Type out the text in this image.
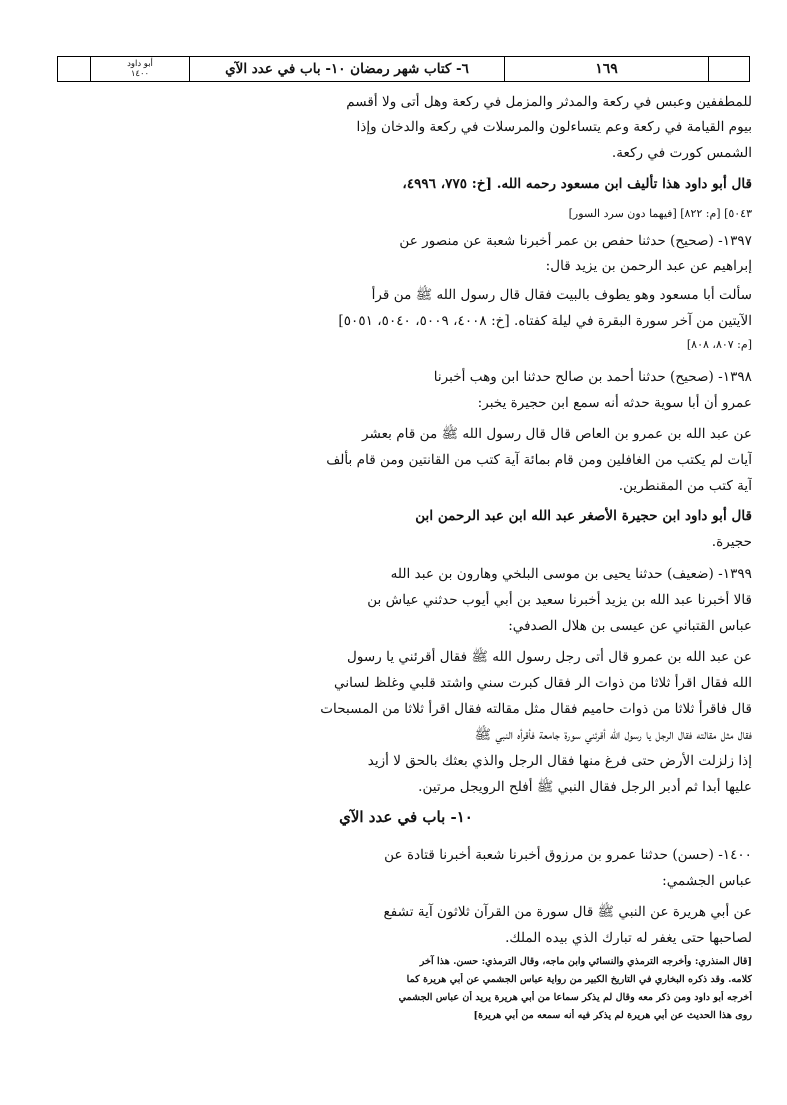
أبو داود
١٤٠٠	٦- كتاب شهر رمضان ١٠- باب في عدد الآي	١٦٩
للمطففين وعبس في ركعة والمدثر والمزمل في ركعة وهل أتى ولا أقسم
بيوم القيامة في ركعة وعم يتساءلون والمرسلات في ركعة والدخان وإذا
الشمس كورت في ركعة.
قال أبو داود هذا تأليف ابن مسعود رحمه الله. [خ: ٧٧٥، ٤٩٩٦،
٥٠٤٣] [م: ٨٢٢] [فيهما دون سرد السور]
١٣٩٧- (صحيح) حدثنا حفص بن عمر أخبرنا شعبة عن منصور عن
إبراهيم عن عبد الرحمن بن يزيد قال:
سألت أبا مسعود وهو يطوف بالبيت فقال قال رسول الله ﷺ من قرأ
الآيتين من آخر سورة البقرة في ليلة كفتاه. [خ: ٤٠٠٨، ٥٠٠٩، ٥٠٤٠، ٥٠٥١]
[م: ٨٠٧، ٨٠٨]
١٣٩٨- (صحيح) حدثنا أحمد بن صالح حدثنا ابن وهب أخبرنا
عمرو أن أبا سوية حدثه أنه سمع ابن حجيرة يخبر:
عن عبد الله بن عمرو بن العاص قال قال رسول الله ﷺ من قام بعشر
آيات لم يكتب من الغافلين ومن قام بمائة آية كتب من القانتين ومن قام بألف
آية كتب من المقنطرين.
قال أبو داود ابن حجيرة الأصغر عبد الله ابن عبد الرحمن ابن
حجيرة.
١٣٩٩- (ضعيف) حدثنا يحيى بن موسى البلخي وهارون بن عبد الله
قالا أخبرنا عبد الله بن يزيد أخبرنا سعيد بن أبي أيوب حدثني عياش بن
عباس القتباني عن عيسى بن هلال الصدفي:
عن عبد الله بن عمرو قال أتى رجل رسول الله ﷺ فقال أقرئني يا رسول
الله فقال اقرأ ثلاثا من ذوات الر فقال كبرت سني واشتد قلبي وغلظ لساني
قال فاقرأ ثلاثا من ذوات حاميم فقال مثل مقالته فقال اقرأ ثلاثا من المسبحات
فقال مثل مقالته فقال الرجل يا رسول الله أقرئني سورة جامعة فأقرأه النبي ﷺ
إذا زلزلت الأرض حتى فرغ منها فقال الرجل والذي بعثك بالحق لا أزيد
عليها أبدا ثم أدبر الرجل فقال النبي ﷺ أفلح الرويجل مرتين.
١٠- باب في عدد الآي
١٤٠٠- (حسن) حدثنا عمرو بن مرزوق أخبرنا شعبة أخبرنا قتادة عن
عباس الجشمي:
عن أبي هريرة عن النبي ﷺ قال سورة من القرآن ثلاثون آية تشفع
لصاحبها حتى يغفر له تبارك الذي بيده الملك.
[قال المنذري: وأخرجه الترمذي والنسائي وابن ماجه، وقال الترمذي: حسن. هذا آخر
كلامه. وقد ذكره البخاري في التاريخ الكبير من رواية عباس الجشمي عن أبي هريرة كما
أخرجه أبو داود ومن ذكر معه وقال لم يذكر سماعا من أبي هريرة يريد أن عباس الجشمي
روى هذا الحديث عن أبي هريرة لم يذكر فيه أنه سمعه من أبي هريرة]
